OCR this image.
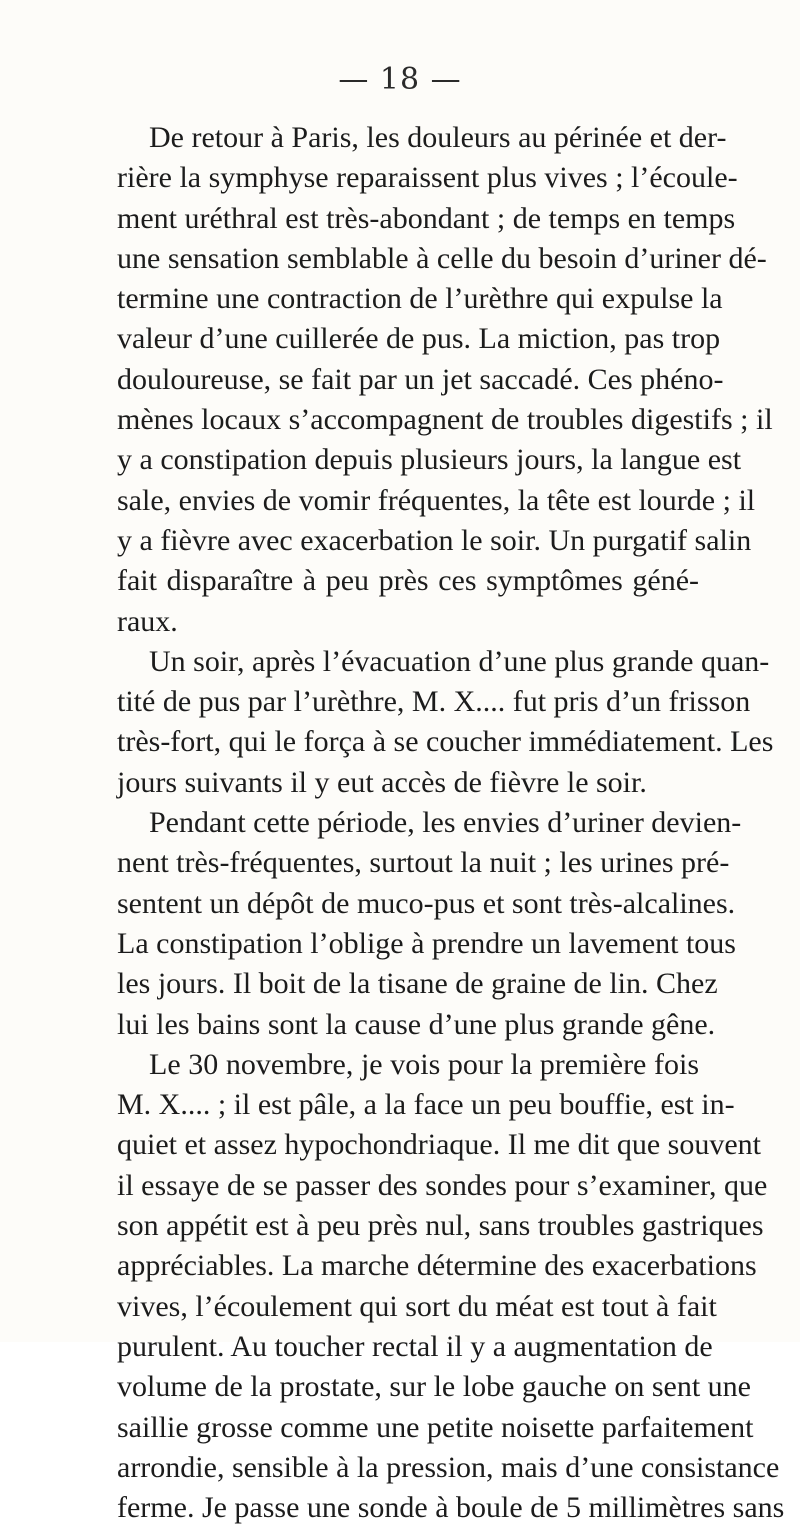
— 18 —
De retour à Paris, les douleurs au périnée et der-
rière la symphyse reparaissent plus vives ; l’écoule-
ment uréthral est très-abondant ; de temps en temps
une sensation semblable à celle du besoin d’uriner dé-
termine une contraction de l’urèthre qui expulse la
valeur d’une cuillerée de pus. La miction, pas trop
douloureuse, se fait par un jet saccadé. Ces phéno-
mènes locaux s’accompagnent de troubles digestifs ; il
y a constipation depuis plusieurs jours, la langue est
sale, envies de vomir fréquentes, la tête est lourde ; il
y a fièvre avec exacerbation le soir. Un purgatif salin
fait disparaître à peu près ces symptômes géné-
raux.
Un soir, après l’évacuation d’une plus grande quan-
tité de pus par l’urèthre, M. X.... fut pris d’un frisson
très-fort, qui le força à se coucher immédiatement. Les
jours suivants il y eut accès de fièvre le soir.
Pendant cette période, les envies d’uriner devien-
nent très-fréquentes, surtout la nuit ; les urines pré-
sentent un dépôt de muco-pus et sont très-alcalines.
La constipation l’oblige à prendre un lavement tous
les jours. Il boit de la tisane de graine de lin. Chez
lui les bains sont la cause d’une plus grande gêne.
Le 30 novembre, je vois pour la première fois
M. X.... ; il est pâle, a la face un peu bouffie, est in-
quiet et assez hypochondriaque. Il me dit que souvent
il essaye de se passer des sondes pour s’examiner, que
son appétit est à peu près nul, sans troubles gastriques
appréciables. La marche détermine des exacerbations
vives, l’écoulement qui sort du méat est tout à fait
purulent. Au toucher rectal il y a augmentation de
volume de la prostate, sur le lobe gauche on sent une
saillie grosse comme une petite noisette parfaitement
arrondie, sensible à la pression, mais d’une consistance
ferme. Je passe une sonde à boule de 5 millimètres sans
